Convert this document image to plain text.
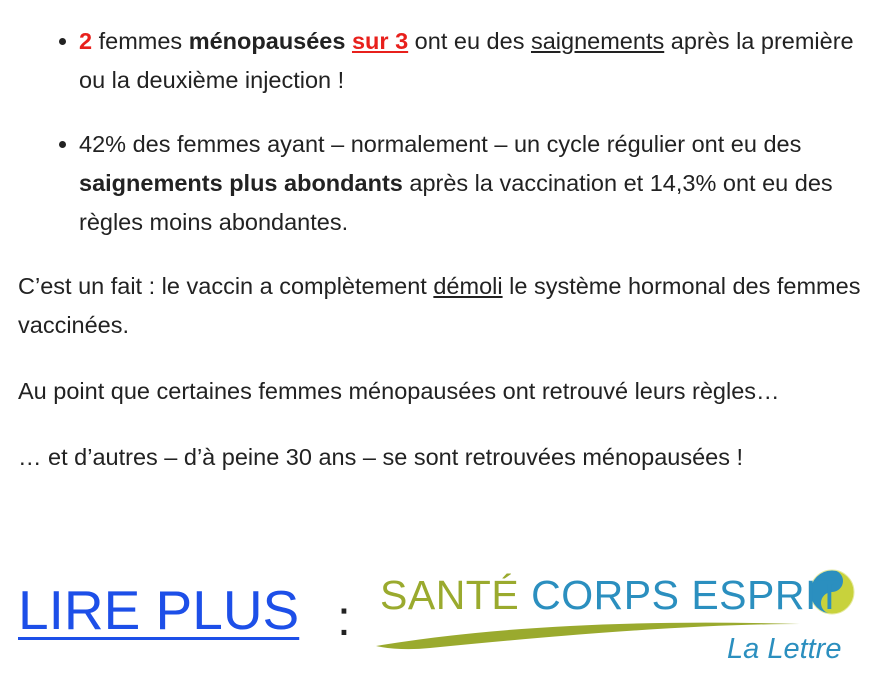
2 femmes ménopausées sur 3 ont eu des saignements après la première ou la deuxième injection !
42% des femmes ayant – normalement – un cycle régulier ont eu des saignements plus abondants après la vaccination et 14,3% ont eu des règles moins abondantes.

C’est un fait : le vaccin a complètement démoli le système hormonal des femmes vaccinées.

Au point que certaines femmes ménopausées ont retrouvé leurs règles…

… et d’autres – d’à peine 30 ans – se sont retrouvées ménopausées !

LIRE PLUS : SANTÉ CORPS ESPRIT
La Lettre
